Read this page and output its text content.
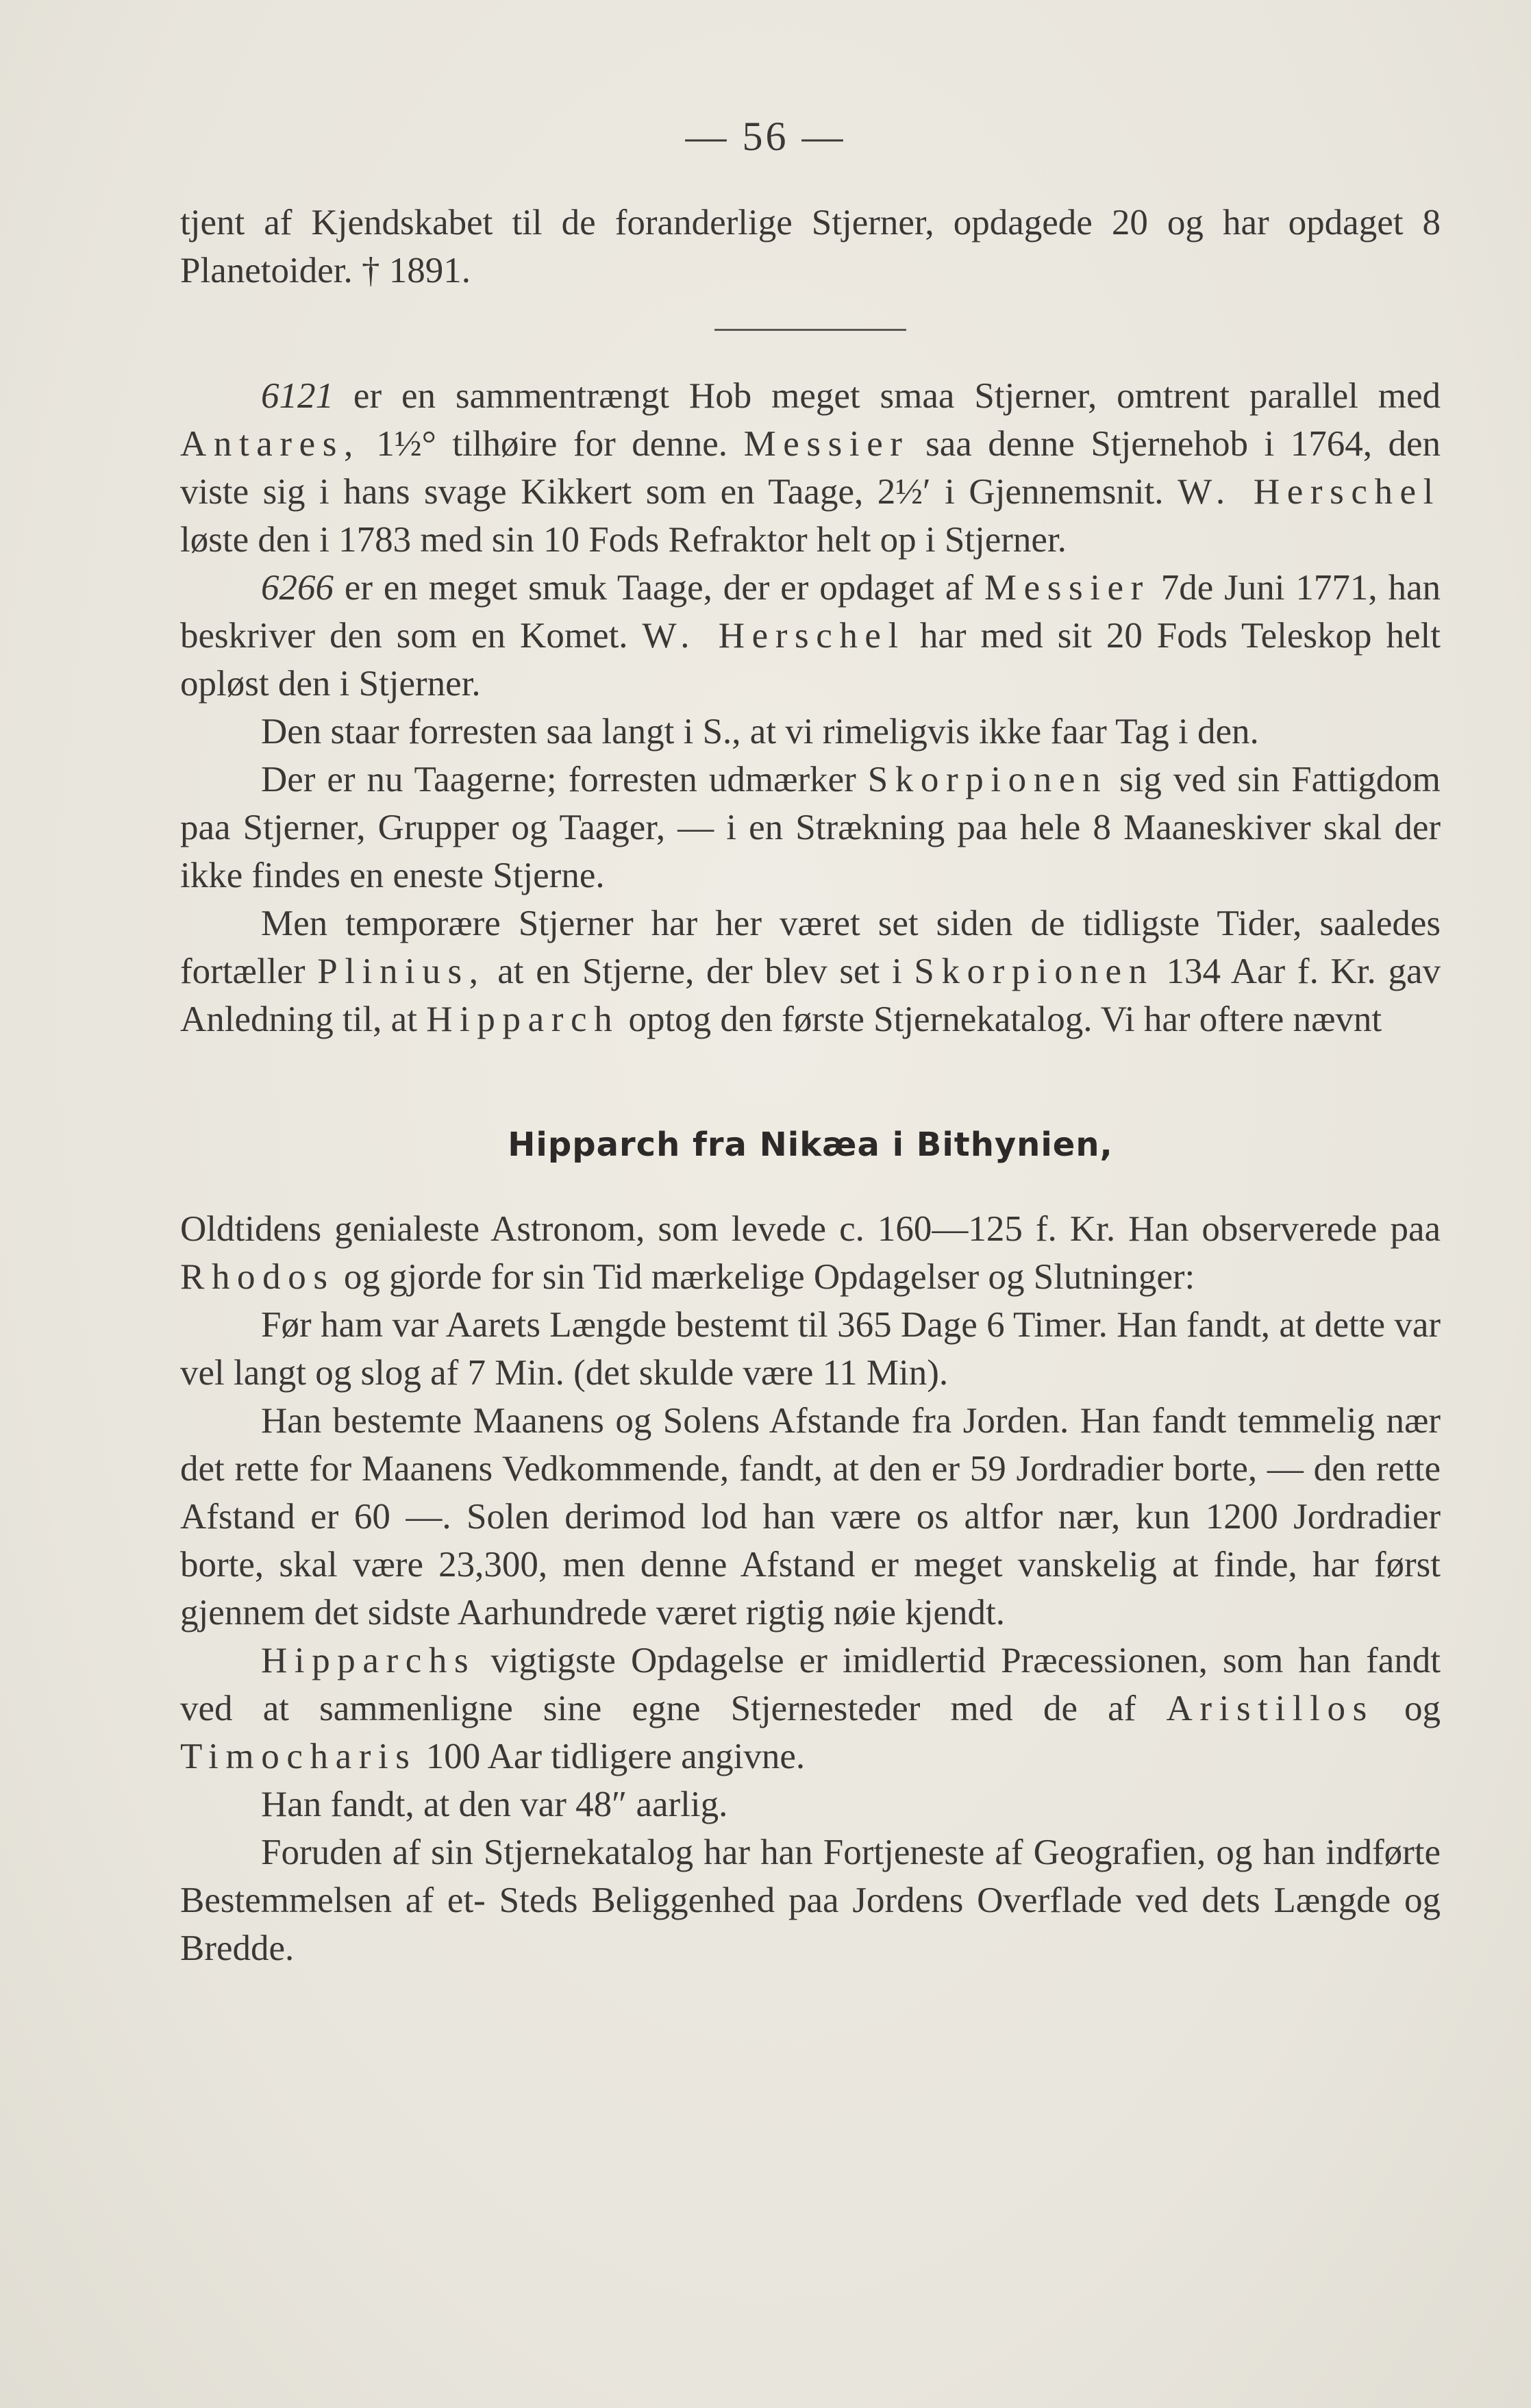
— 56 —

tjent af Kjendskabet til de foranderlige Stjerner, opdagede 20 og har opdaget 8 Planetoider. † 1891.

6121 er en sammentrængt Hob meget smaa Stjerner, omtrent parallel med Antares, 1½° tilhøire for denne. Messier saa denne Stjernehob i 1764, den viste sig i hans svage Kikkert som en Taage, 2½′ i Gjennemsnit. W. Herschel løste den i 1783 med sin 10 Fods Refraktor helt op i Stjerner.

6266 er en meget smuk Taage, der er opdaget af Messier 7de Juni 1771, han beskriver den som en Komet. W. Herschel har med sit 20 Fods Teleskop helt opløst den i Stjerner.

Den staar forresten saa langt i S., at vi rimeligvis ikke faar Tag i den.

Der er nu Taagerne; forresten udmærker Skorpionen sig ved sin Fattigdom paa Stjerner, Grupper og Taager, — i en Strækning paa hele 8 Maaneskiver skal der ikke findes en eneste Stjerne.

Men temporære Stjerner har her været set siden de tidligste Tider, saaledes fortæller Plinius, at en Stjerne, der blev set i Skorpionen 134 Aar f. Kr. gav Anledning til, at Hipparch optog den første Stjernekatalog. Vi har oftere nævnt

Hipparch fra Nikæa i Bithynien,

Oldtidens genialeste Astronom, som levede c. 160—125 f. Kr. Han observerede paa Rhodos og gjorde for sin Tid mærkelige Opdagelser og Slutninger:

Før ham var Aarets Længde bestemt til 365 Dage 6 Timer. Han fandt, at dette var vel langt og slog af 7 Min. (det skulde være 11 Min).

Han bestemte Maanens og Solens Afstande fra Jorden. Han fandt temmelig nær det rette for Maanens Vedkommende, fandt, at den er 59 Jordradier borte, — den rette Afstand er 60 —. Solen derimod lod han være os altfor nær, kun 1200 Jordradier borte, skal være 23,300, men denne Afstand er meget vanskelig at finde, har først gjennem det sidste Aarhundrede været rigtig nøie kjendt.

Hipparchs vigtigste Opdagelse er imidlertid Præcessionen, som han fandt ved at sammenligne sine egne Stjernesteder med de af Aristillos og Timocharis 100 Aar tidligere angivne.

Han fandt, at den var 48″ aarlig.

Foruden af sin Stjernekatalog har han Fortjeneste af Geografien, og han indførte Bestemmelsen af et- Steds Beliggenhed paa Jordens Overflade ved dets Længde og Bredde.
